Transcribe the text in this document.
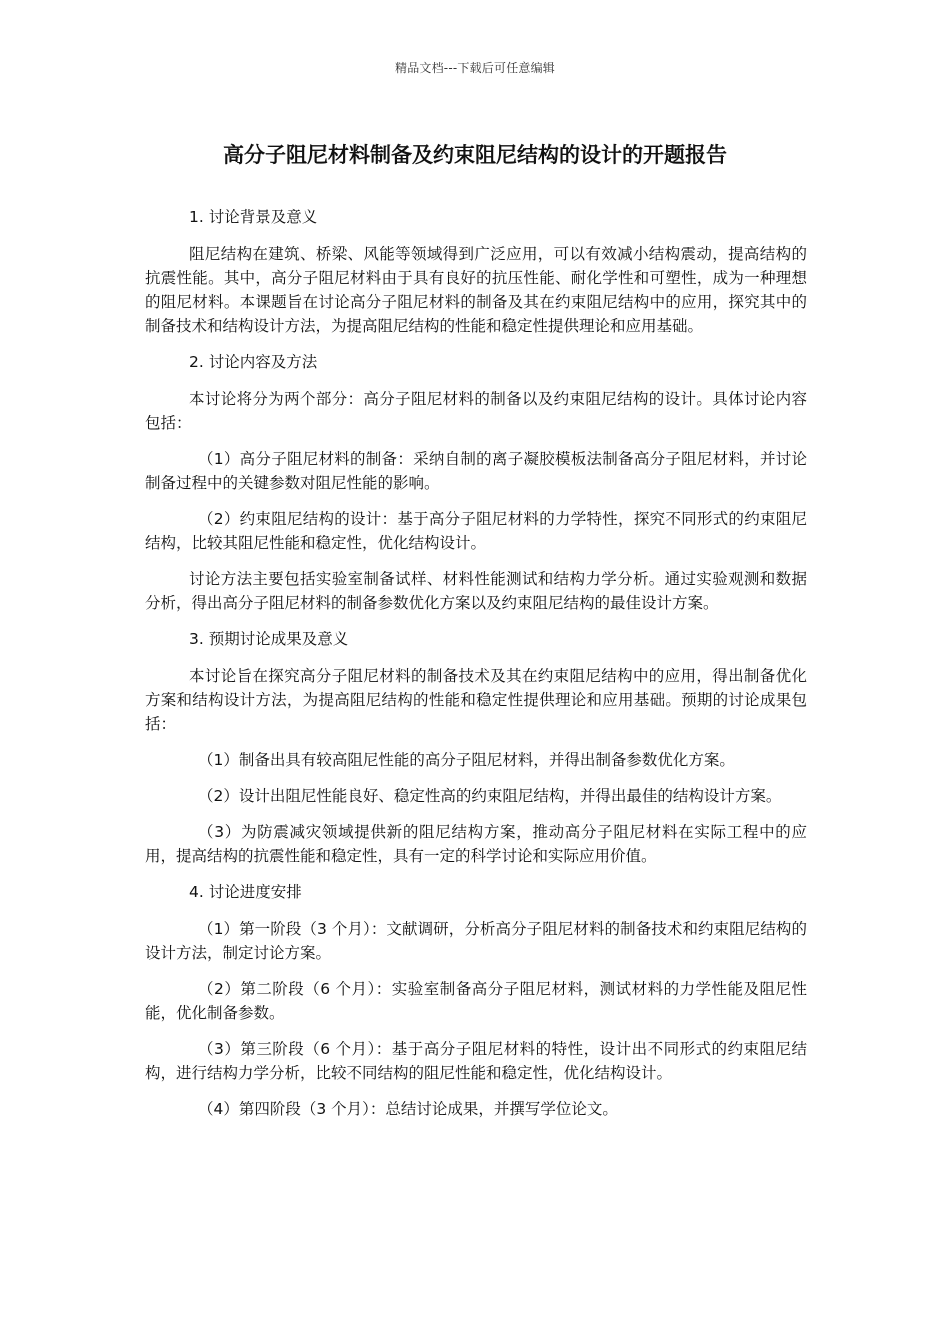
精品文档---下载后可任意编辑
高分子阻尼材料制备及约束阻尼结构的设计的开题报告

1. 讨论背景及意义

阻尼结构在建筑、桥梁、风能等领域得到广泛应用，可以有效减小结构震动，提高结构的抗震性能。其中，高分子阻尼材料由于具有良好的抗压性能、耐化学性和可塑性，成为一种理想的阻尼材料。本课题旨在讨论高分子阻尼材料的制备及其在约束阻尼结构中的应用，探究其中的制备技术和结构设计方法，为提高阻尼结构的性能和稳定性提供理论和应用基础。

2. 讨论内容及方法

本讨论将分为两个部分：高分子阻尼材料的制备以及约束阻尼结构的设计。具体讨论内容包括：

（1）高分子阻尼材料的制备：采纳自制的离子凝胶模板法制备高分子阻尼材料，并讨论制备过程中的关键参数对阻尼性能的影响。

（2）约束阻尼结构的设计：基于高分子阻尼材料的力学特性，探究不同形式的约束阻尼结构，比较其阻尼性能和稳定性，优化结构设计。

讨论方法主要包括实验室制备试样、材料性能测试和结构力学分析。通过实验观测和数据分析，得出高分子阻尼材料的制备参数优化方案以及约束阻尼结构的最佳设计方案。

3. 预期讨论成果及意义

本讨论旨在探究高分子阻尼材料的制备技术及其在约束阻尼结构中的应用，得出制备优化方案和结构设计方法，为提高阻尼结构的性能和稳定性提供理论和应用基础。预期的讨论成果包括：

（1）制备出具有较高阻尼性能的高分子阻尼材料，并得出制备参数优化方案。

（2）设计出阻尼性能良好、稳定性高的约束阻尼结构，并得出最佳的结构设计方案。

（3）为防震减灾领域提供新的阻尼结构方案，推动高分子阻尼材料在实际工程中的应用，提高结构的抗震性能和稳定性，具有一定的科学讨论和实际应用价值。

4. 讨论进度安排

（1）第一阶段（3 个月）：文献调研，分析高分子阻尼材料的制备技术和约束阻尼结构的设计方法，制定讨论方案。

（2）第二阶段（6 个月）：实验室制备高分子阻尼材料，测试材料的力学性能及阻尼性能，优化制备参数。

（3）第三阶段（6 个月）：基于高分子阻尼材料的特性，设计出不同形式的约束阻尼结构，进行结构力学分析，比较不同结构的阻尼性能和稳定性，优化结构设计。

（4）第四阶段（3 个月）：总结讨论成果，并撰写学位论文。
